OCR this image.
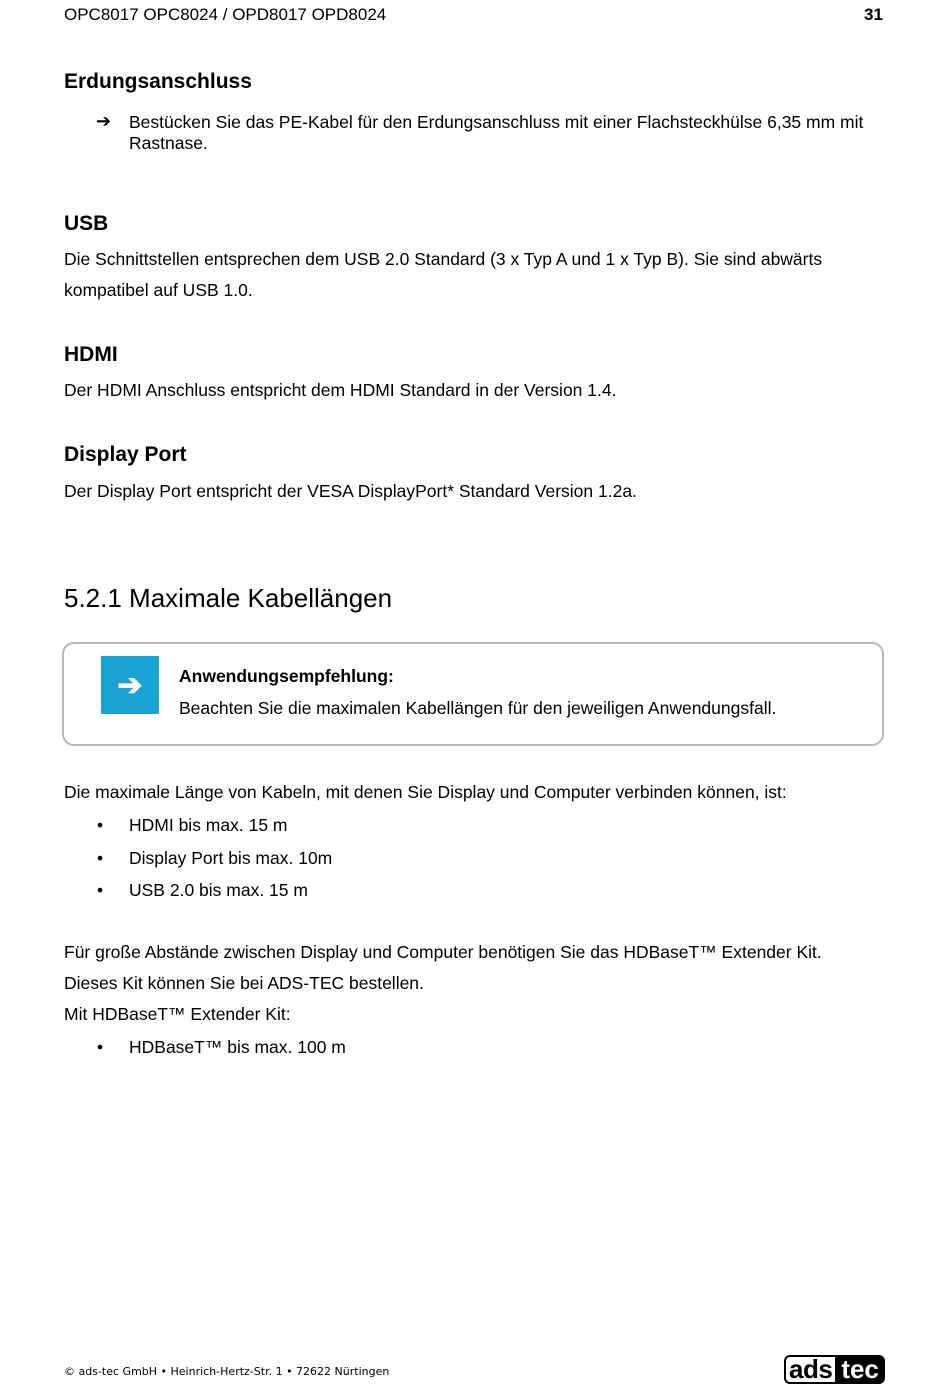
OPC8017 OPC8024 / OPD8017 OPD8024	31
Erdungsanschluss
➔ Bestücken Sie das PE-Kabel für den Erdungsanschluss mit einer Flachsteckhülse 6,35 mm mit Rastnase.
USB
Die Schnittstellen entsprechen dem USB 2.0 Standard (3 x Typ A und 1 x Typ B). Sie sind abwärts
kompatibel auf USB 1.0.
HDMI
Der HDMI Anschluss entspricht dem HDMI Standard in der Version 1.4.
Display Port
Der Display Port entspricht der VESA DisplayPort* Standard Version 1.2a.
5.2.1 Maximale Kabellängen
➔ Anwendungsempfehlung:
Beachten Sie die maximalen Kabellängen für den jeweiligen Anwendungsfall.
Die maximale Länge von Kabeln, mit denen Sie Display und Computer verbinden können, ist:
• HDMI bis max. 15 m
• Display Port bis max. 10m
• USB 2.0 bis max. 15 m
Für große Abstände zwischen Display und Computer benötigen Sie das HDBaseT™ Extender Kit.
Dieses Kit können Sie bei ADS-TEC bestellen.
Mit HDBaseT™ Extender Kit:
• HDBaseT™ bis max. 100 m
© ads-tec GmbH • Heinrich-Hertz-Str. 1 • 72622 Nürtingen	ads tec
